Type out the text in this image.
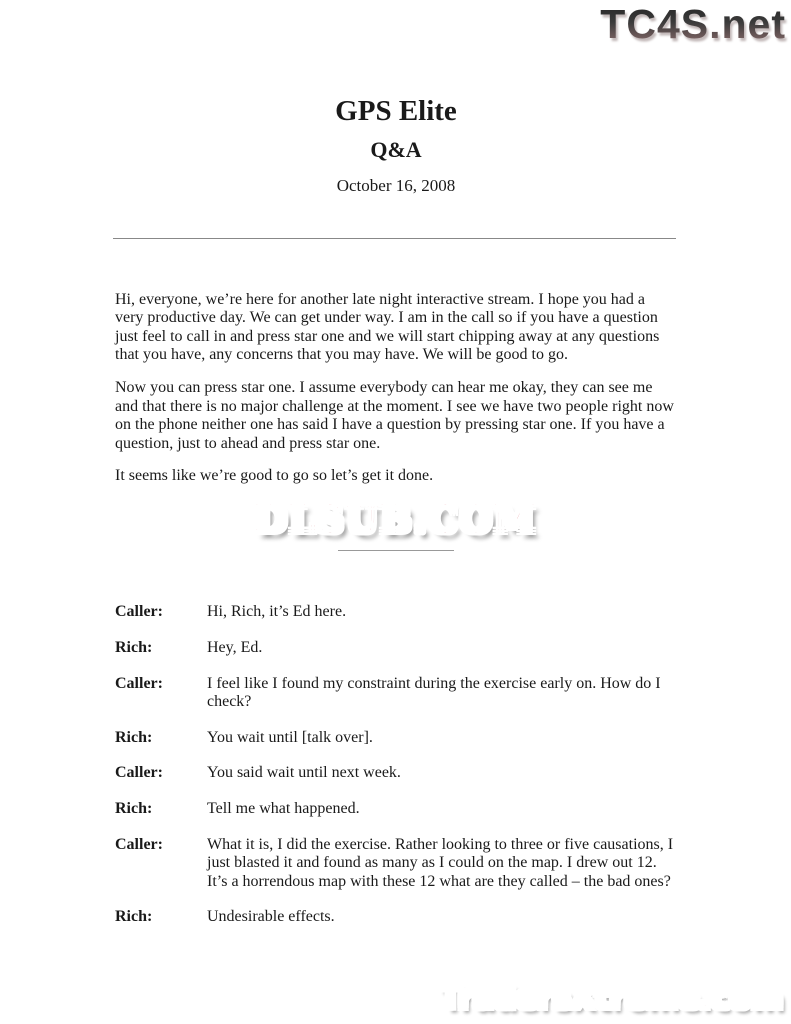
TC4S.net
GPS Elite
Q&A
October 16, 2008

Hi, everyone, we’re here for another late night interactive stream. I hope you had a very productive day. We can get under way. I am in the call so if you have a question just feel to call in and press star one and we will start chipping away at any questions that you have, any concerns that you may have. We will be good to go.

Now you can press star one. I assume everybody can hear me okay, they can see me and that there is no major challenge at the moment. I see we have two people right now on the phone neither one has said I have a question by pressing star one. If you have a question, just to ahead and press star one.

It seems like we’re good to go so let’s get it done.

DLSUB.COM
Caller:	Hi, Rich, it’s Ed here.
Rich:	Hey, Ed.
Caller:	I feel like I found my constraint during the exercise early on. How do I check?
Rich:	You wait until [talk over].
Caller:	You said wait until next week.
Rich:	Tell me what happened.
Caller:	What it is, I did the exercise. Rather looking to three or five causations, I just blasted it and found as many as I could on the map. I drew out 12. It’s a horrendous map with these 12 what are they called – the bad ones?
Rich:	Undesirable effects.
TradersXtreme.com
